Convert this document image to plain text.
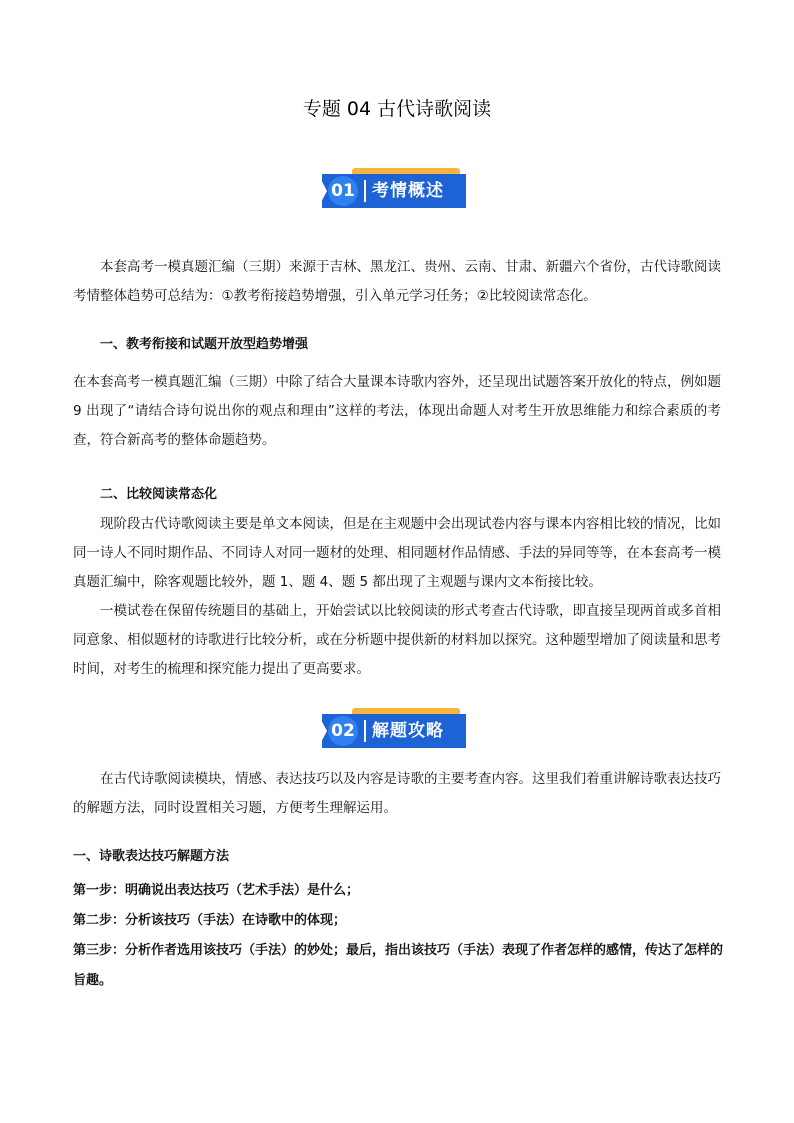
专题 04 古代诗歌阅读
01	考情概述
本套高考一模真题汇编（三期）来源于吉林、黑龙江、贵州、云南、甘肃、新疆六个省份，古代诗歌阅读考情整体趋势可总结为：①教考衔接趋势增强，引入单元学习任务；②比较阅读常态化。
一、教考衔接和试题开放型趋势增强
在本套高考一模真题汇编（三期）中除了结合大量课本诗歌内容外，还呈现出试题答案开放化的特点，例如题 9 出现了“请结合诗句说出你的观点和理由”这样的考法，体现出命题人对考生开放思维能力和综合素质的考查，符合新高考的整体命题趋势。
二、比较阅读常态化
现阶段古代诗歌阅读主要是单文本阅读，但是在主观题中会出现试卷内容与课本内容相比较的情况，比如同一诗人不同时期作品、不同诗人对同一题材的处理、相同题材作品情感、手法的异同等等，在本套高考一模真题汇编中，除客观题比较外，题 1、题 4、题 5 都出现了主观题与课内文本衔接比较。
一模试卷在保留传统题目的基础上，开始尝试以比较阅读的形式考查古代诗歌，即直接呈现两首或多首相同意象、相似题材的诗歌进行比较分析，或在分析题中提供新的材料加以探究。这种题型增加了阅读量和思考时间，对考生的梳理和探究能力提出了更高要求。
02	解题攻略
在古代诗歌阅读模块，情感、表达技巧以及内容是诗歌的主要考查内容。这里我们着重讲解诗歌表达技巧的解题方法，同时设置相关习题，方便考生理解运用。
一、诗歌表达技巧解题方法
第一步：明确说出表达技巧（艺术手法）是什么；
第二步：分析该技巧（手法）在诗歌中的体现；
第三步：分析作者选用该技巧（手法）的妙处；最后，指出该技巧（手法）表现了作者怎样的感情，传达了怎样的旨趣。
